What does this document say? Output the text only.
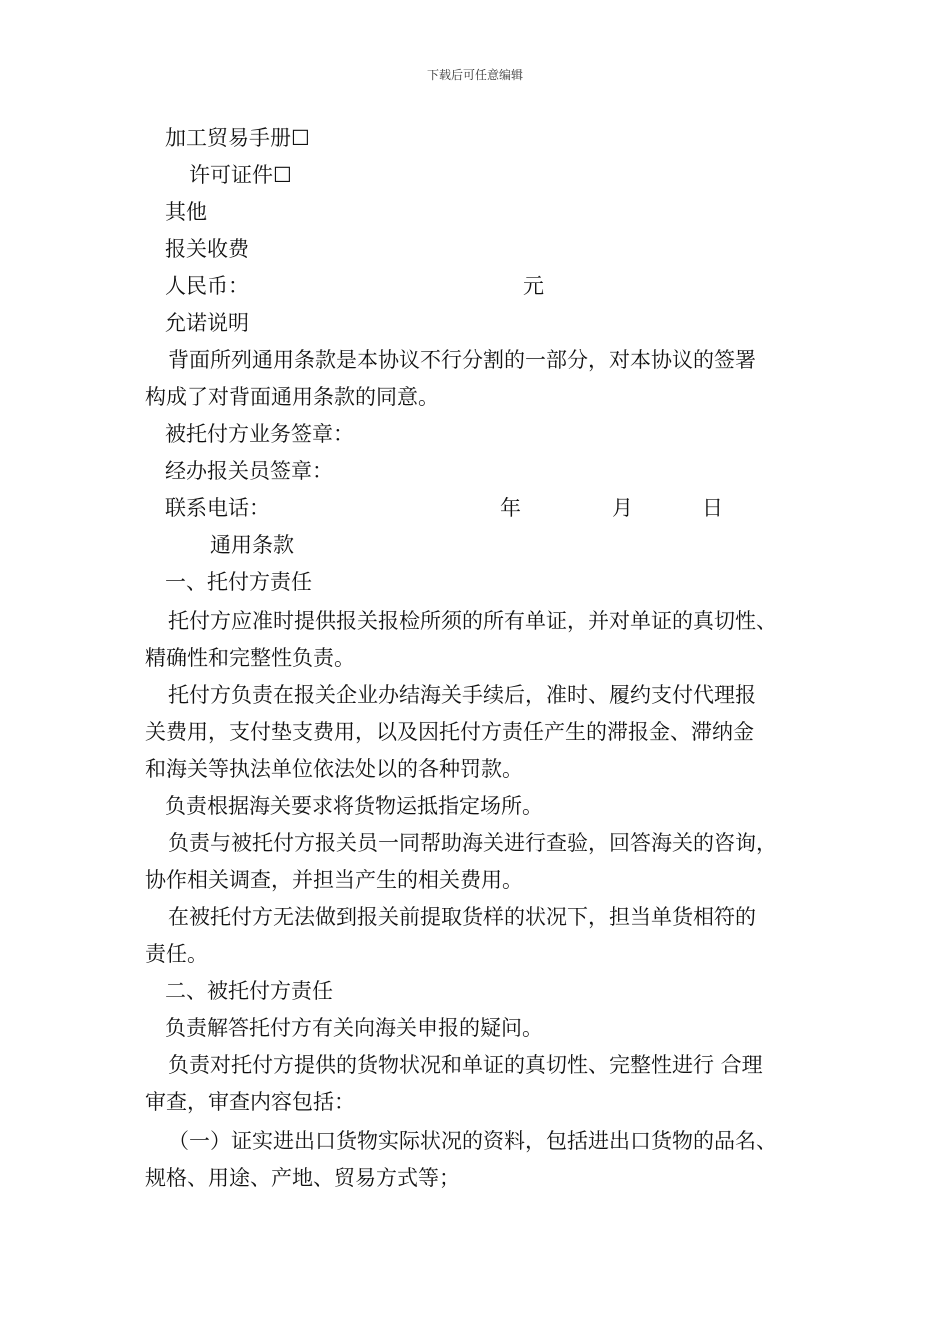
下载后可任意编辑
加工贸易手册☐
许可证件☐
其他
报关收费
人民币：	元
允诺说明
背面所列通用条款是本协议不行分割的一部分，对本协议的签署
构成了对背面通用条款的同意。
被托付方业务签章：
经办报关员签章：
联系电话：	年	月	日
通用条款
一、托付方责任
托付方应准时提供报关报检所须的所有单证，并对单证的真切性、
精确性和完整性负责。
托付方负责在报关企业办结海关手续后，准时、履约支付代理报
关费用，支付垫支费用，以及因托付方责任产生的滞报金、滞纳金
和海关等执法单位依法处以的各种罚款。
负责根据海关要求将货物运抵指定场所。
负责与被托付方报关员一同帮助海关进行查验，回答海关的咨询，
协作相关调查，并担当产生的相关费用。
在被托付方无法做到报关前提取货样的状况下，担当单货相符的
责任。
二、被托付方责任
负责解答托付方有关向海关申报的疑问。
负责对托付方提供的货物状况和单证的真切性、完整性进行 合理
审查，审查内容包括：
（一）证实进出口货物实际状况的资料，包括进出口货物的品名、
规格、用途、产地、贸易方式等；
